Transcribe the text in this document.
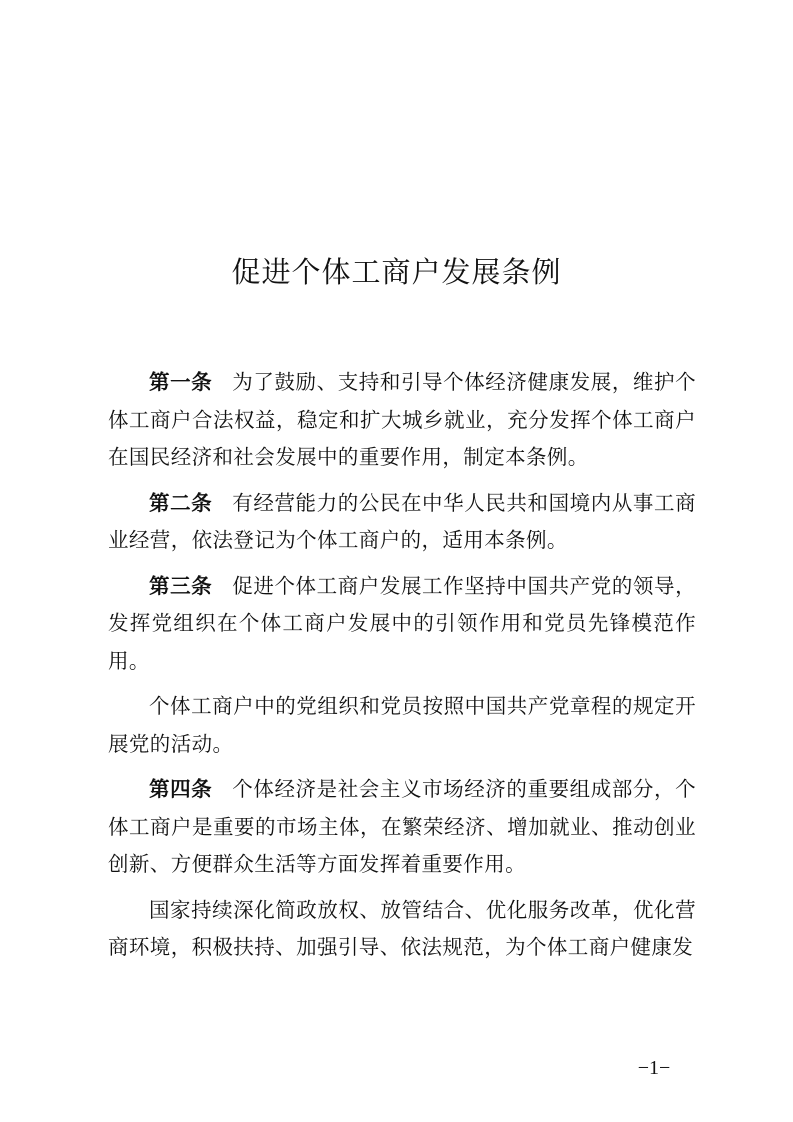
促进个体工商户发展条例

第一条 为了鼓励、支持和引导个体经济健康发展，维护个体工商户合法权益，稳定和扩大城乡就业，充分发挥个体工商户在国民经济和社会发展中的重要作用，制定本条例。

第二条 有经营能力的公民在中华人民共和国境内从事工商业经营，依法登记为个体工商户的，适用本条例。

第三条 促进个体工商户发展工作坚持中国共产党的领导，发挥党组织在个体工商户发展中的引领作用和党员先锋模范作用。

个体工商户中的党组织和党员按照中国共产党章程的规定开展党的活动。

第四条 个体经济是社会主义市场经济的重要组成部分，个体工商户是重要的市场主体，在繁荣经济、增加就业、推动创业创新、方便群众生活等方面发挥着重要作用。

国家持续深化简政放权、放管结合、优化服务改革，优化营商环境，积极扶持、加强引导、依法规范，为个体工商户健康发

−1−
